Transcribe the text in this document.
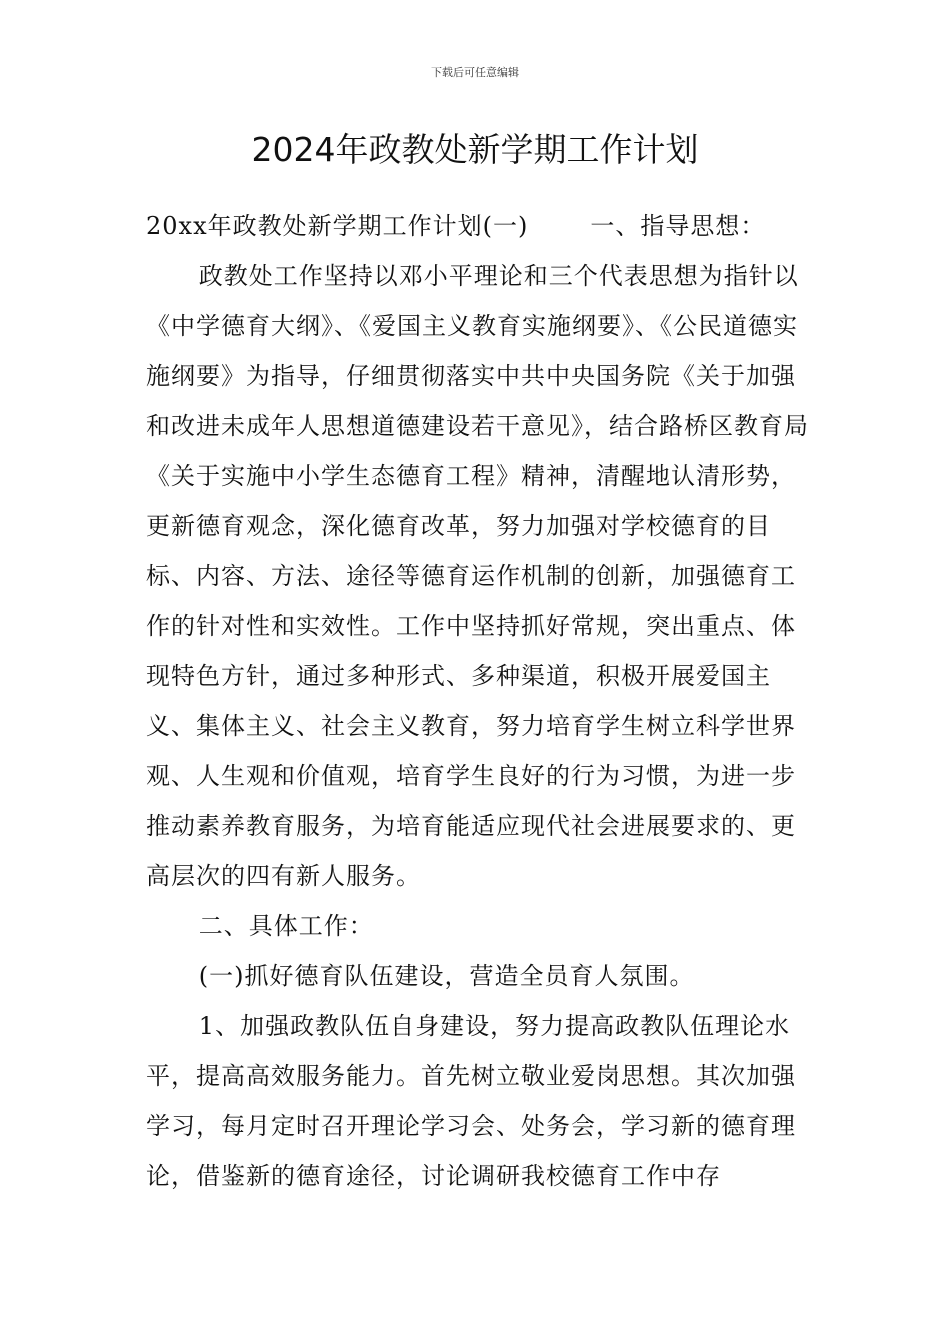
下载后可任意编辑
2024年政教处新学期工作计划

20xx年政教处新学期工作计划(一)	一、指导思想：

政教处工作坚持以邓小平理论和三个代表思想为指针以《中学德育大纲》、《爱国主义教育实施纲要》、《公民道德实施纲要》为指导，仔细贯彻落实中共中央国务院《关于加强和改进未成年人思想道德建设若干意见》，结合路桥区教育局《关于实施中小学生态德育工程》精神，清醒地认清形势，更新德育观念，深化德育改革，努力加强对学校德育的目标、内容、方法、途径等德育运作机制的创新，加强德育工作的针对性和实效性。工作中坚持抓好常规，突出重点、体现特色方针，通过多种形式、多种渠道，积极开展爱国主义、集体主义、社会主义教育，努力培育学生树立科学世界观、人生观和价值观，培育学生良好的行为习惯，为进一步推动素养教育服务，为培育能适应现代社会进展要求的、更高层次的四有新人服务。

二、具体工作：

(一)抓好德育队伍建设，营造全员育人氛围。

1、加强政教队伍自身建设，努力提高政教队伍理论水平，提高高效服务能力。首先树立敬业爱岗思想。其次加强学习，每月定时召开理论学习会、处务会，学习新的德育理论，借鉴新的德育途径，讨论调研我校德育工作中存
